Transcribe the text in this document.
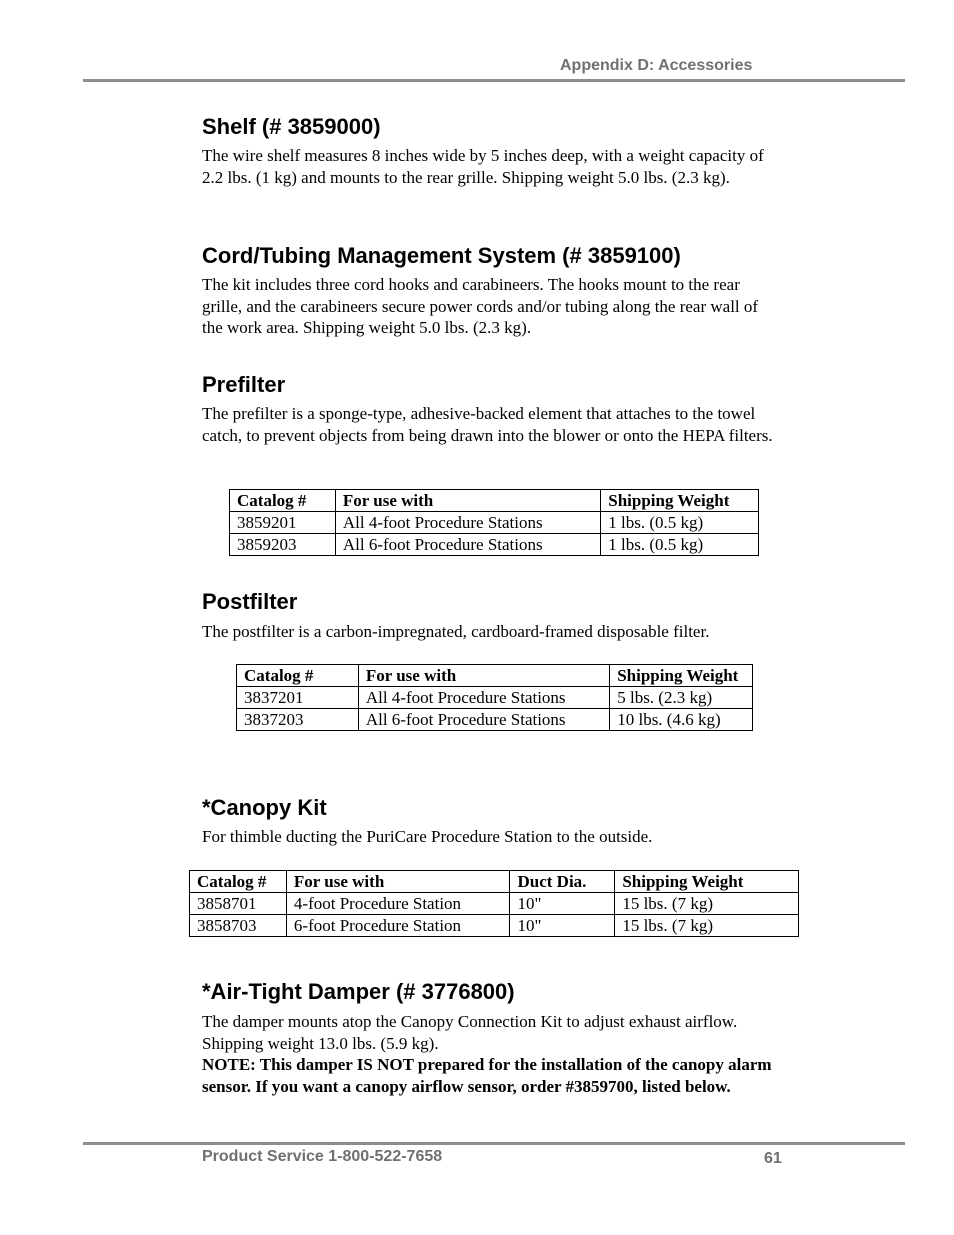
Appendix D: Accessories
Shelf (# 3859000)

The wire shelf measures 8 inches wide by 5 inches deep, with a weight capacity of 2.2 lbs. (1 kg) and mounts to the rear grille. Shipping weight 5.0 lbs. (2.3 kg).

Cord/Tubing Management System (# 3859100)

The kit includes three cord hooks and carabineers. The hooks mount to the rear grille, and the carabineers secure power cords and/or tubing along the rear wall of the work area. Shipping weight 5.0 lbs. (2.3 kg).

Prefilter

The prefilter is a sponge-type, adhesive-backed element that attaches to the towel catch, to prevent objects from being drawn into the blower or onto the HEPA filters.

Catalog #	For use with	Shipping Weight
3859201	All 4-foot Procedure Stations	1 lbs. (0.5 kg)
3859203	All 6-foot Procedure Stations	1 lbs. (0.5 kg)
Postfilter

The postfilter is a carbon-impregnated, cardboard-framed disposable filter.

Catalog #	For use with	Shipping Weight
3837201	All 4-foot Procedure Stations	5 lbs. (2.3 kg)
3837203	All 6-foot Procedure Stations	10 lbs. (4.6 kg)
*Canopy Kit

For thimble ducting the PuriCare Procedure Station to the outside.

Catalog #	For use with	Duct Dia.	Shipping Weight
3858701	4-foot Procedure Station	10"	15 lbs. (7 kg)
3858703	6-foot Procedure Station	10"	15 lbs. (7 kg)
*Air-Tight Damper (# 3776800)

The damper mounts atop the Canopy Connection Kit to adjust exhaust airflow. Shipping weight 13.0 lbs. (5.9 kg).

NOTE: This damper IS NOT prepared for the installation of the canopy alarm sensor. If you want a canopy airflow sensor, order #3859700, listed below.

Product Service 1-800-522-7658	61
